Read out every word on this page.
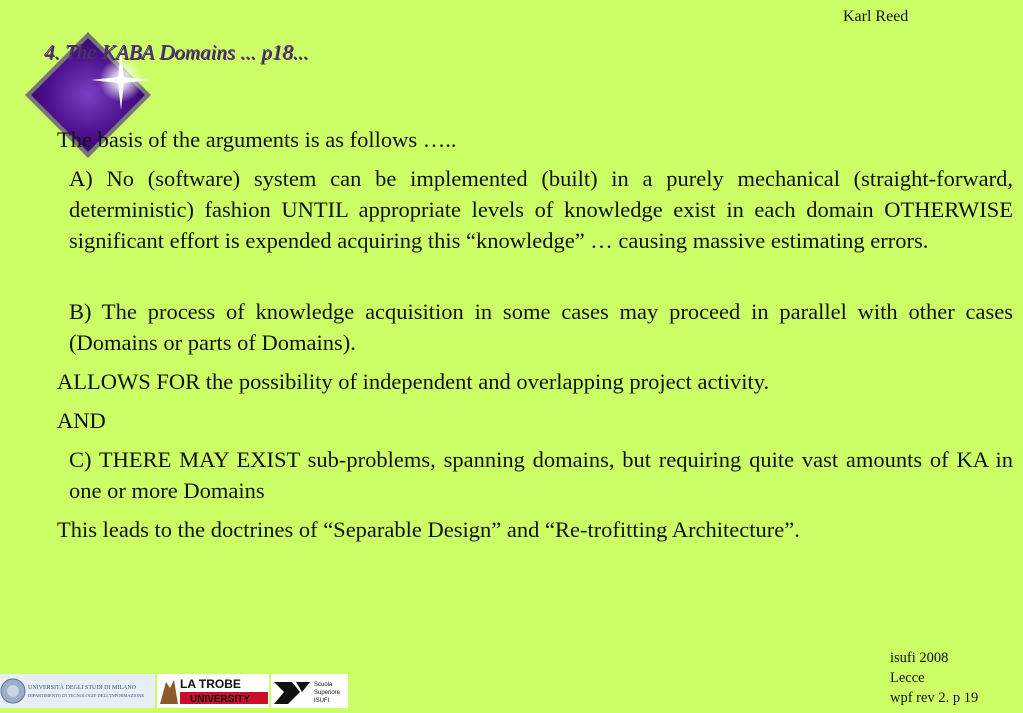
Karl Reed
4. The KABA Domains ... p18...

The basis of the arguments is as follows …..

A) No (software) system can be implemented (built) in a purely mechanical (straight-forward, deterministic) fashion UNTIL appropriate levels of knowledge exist in each domain OTHERWISE significant effort is expended acquiring this “knowledge” … causing massive estimating errors.

B) The process of knowledge acquisition in some cases may proceed in parallel with other cases (Domains or parts of Domains).

ALLOWS FOR the possibility of independent and overlapping project activity.

AND

C) THERE MAY EXIST sub-problems, spanning domains, but requiring quite vast amounts of KA in one or more Domains

This leads to the doctrines of “Separable Design” and “Re-trofitting Architecture”.

isufi 2008
Lecce
wpf rev 2. p 19
UNIVERSITÀ DEGLI STUDI DI MILANO
DIPARTIMENTO DI TECNOLOGIE DELL'INFORMAZIONE
LA TROBE
UNIVERSITY
Scuola
Superiore
ISUFI
